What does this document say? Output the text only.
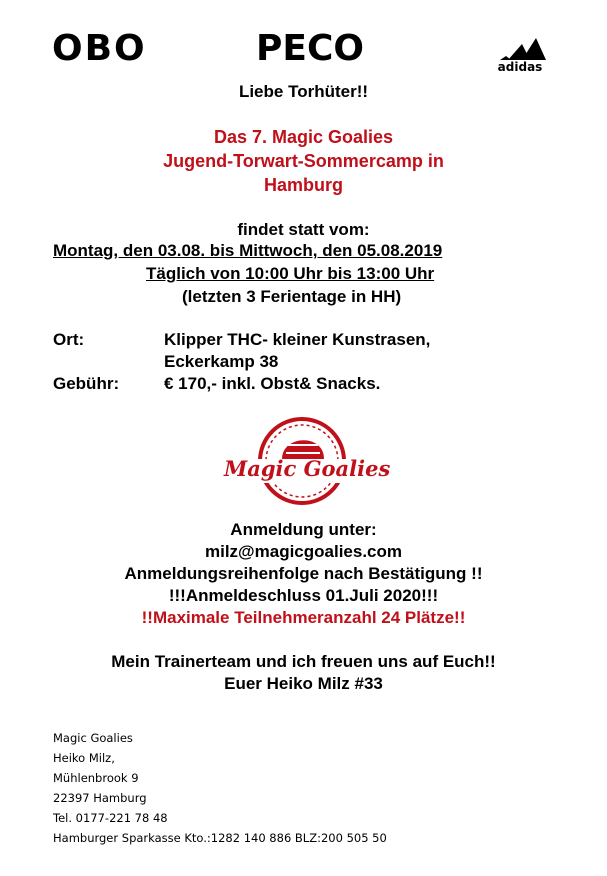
OBO	PECO	adidas
Liebe Torhüter!!
Das 7. Magic Goalies
Jugend-Torwart-Sommercamp in
Hamburg
findet statt vom:
Montag, den 03.08. bis Mittwoch, den 05.08.2019
Täglich von 10:00 Uhr bis 13:00 Uhr
(letzten 3 Ferientage in HH)
Ort:	Klipper THC- kleiner Kunstrasen,
Eckerkamp 38
Gebühr:	€ 170,- inkl. Obst& Snacks.
Magic Goalies
Anmeldung unter:
milz@magicgoalies.com
Anmeldungsreihenfolge nach Bestätigung !!
!!!Anmeldeschluss 01.Juli 2020!!!
!!Maximale Teilnehmeranzahl 24 Plätze!!
Mein Trainerteam und ich freuen uns auf Euch!!
Euer Heiko Milz #33
Magic Goalies
Heiko Milz,
Mühlenbrook 9
22397 Hamburg
Tel. 0177-221 78 48
Hamburger Sparkasse Kto.:1282 140 886 BLZ:200 505 50
